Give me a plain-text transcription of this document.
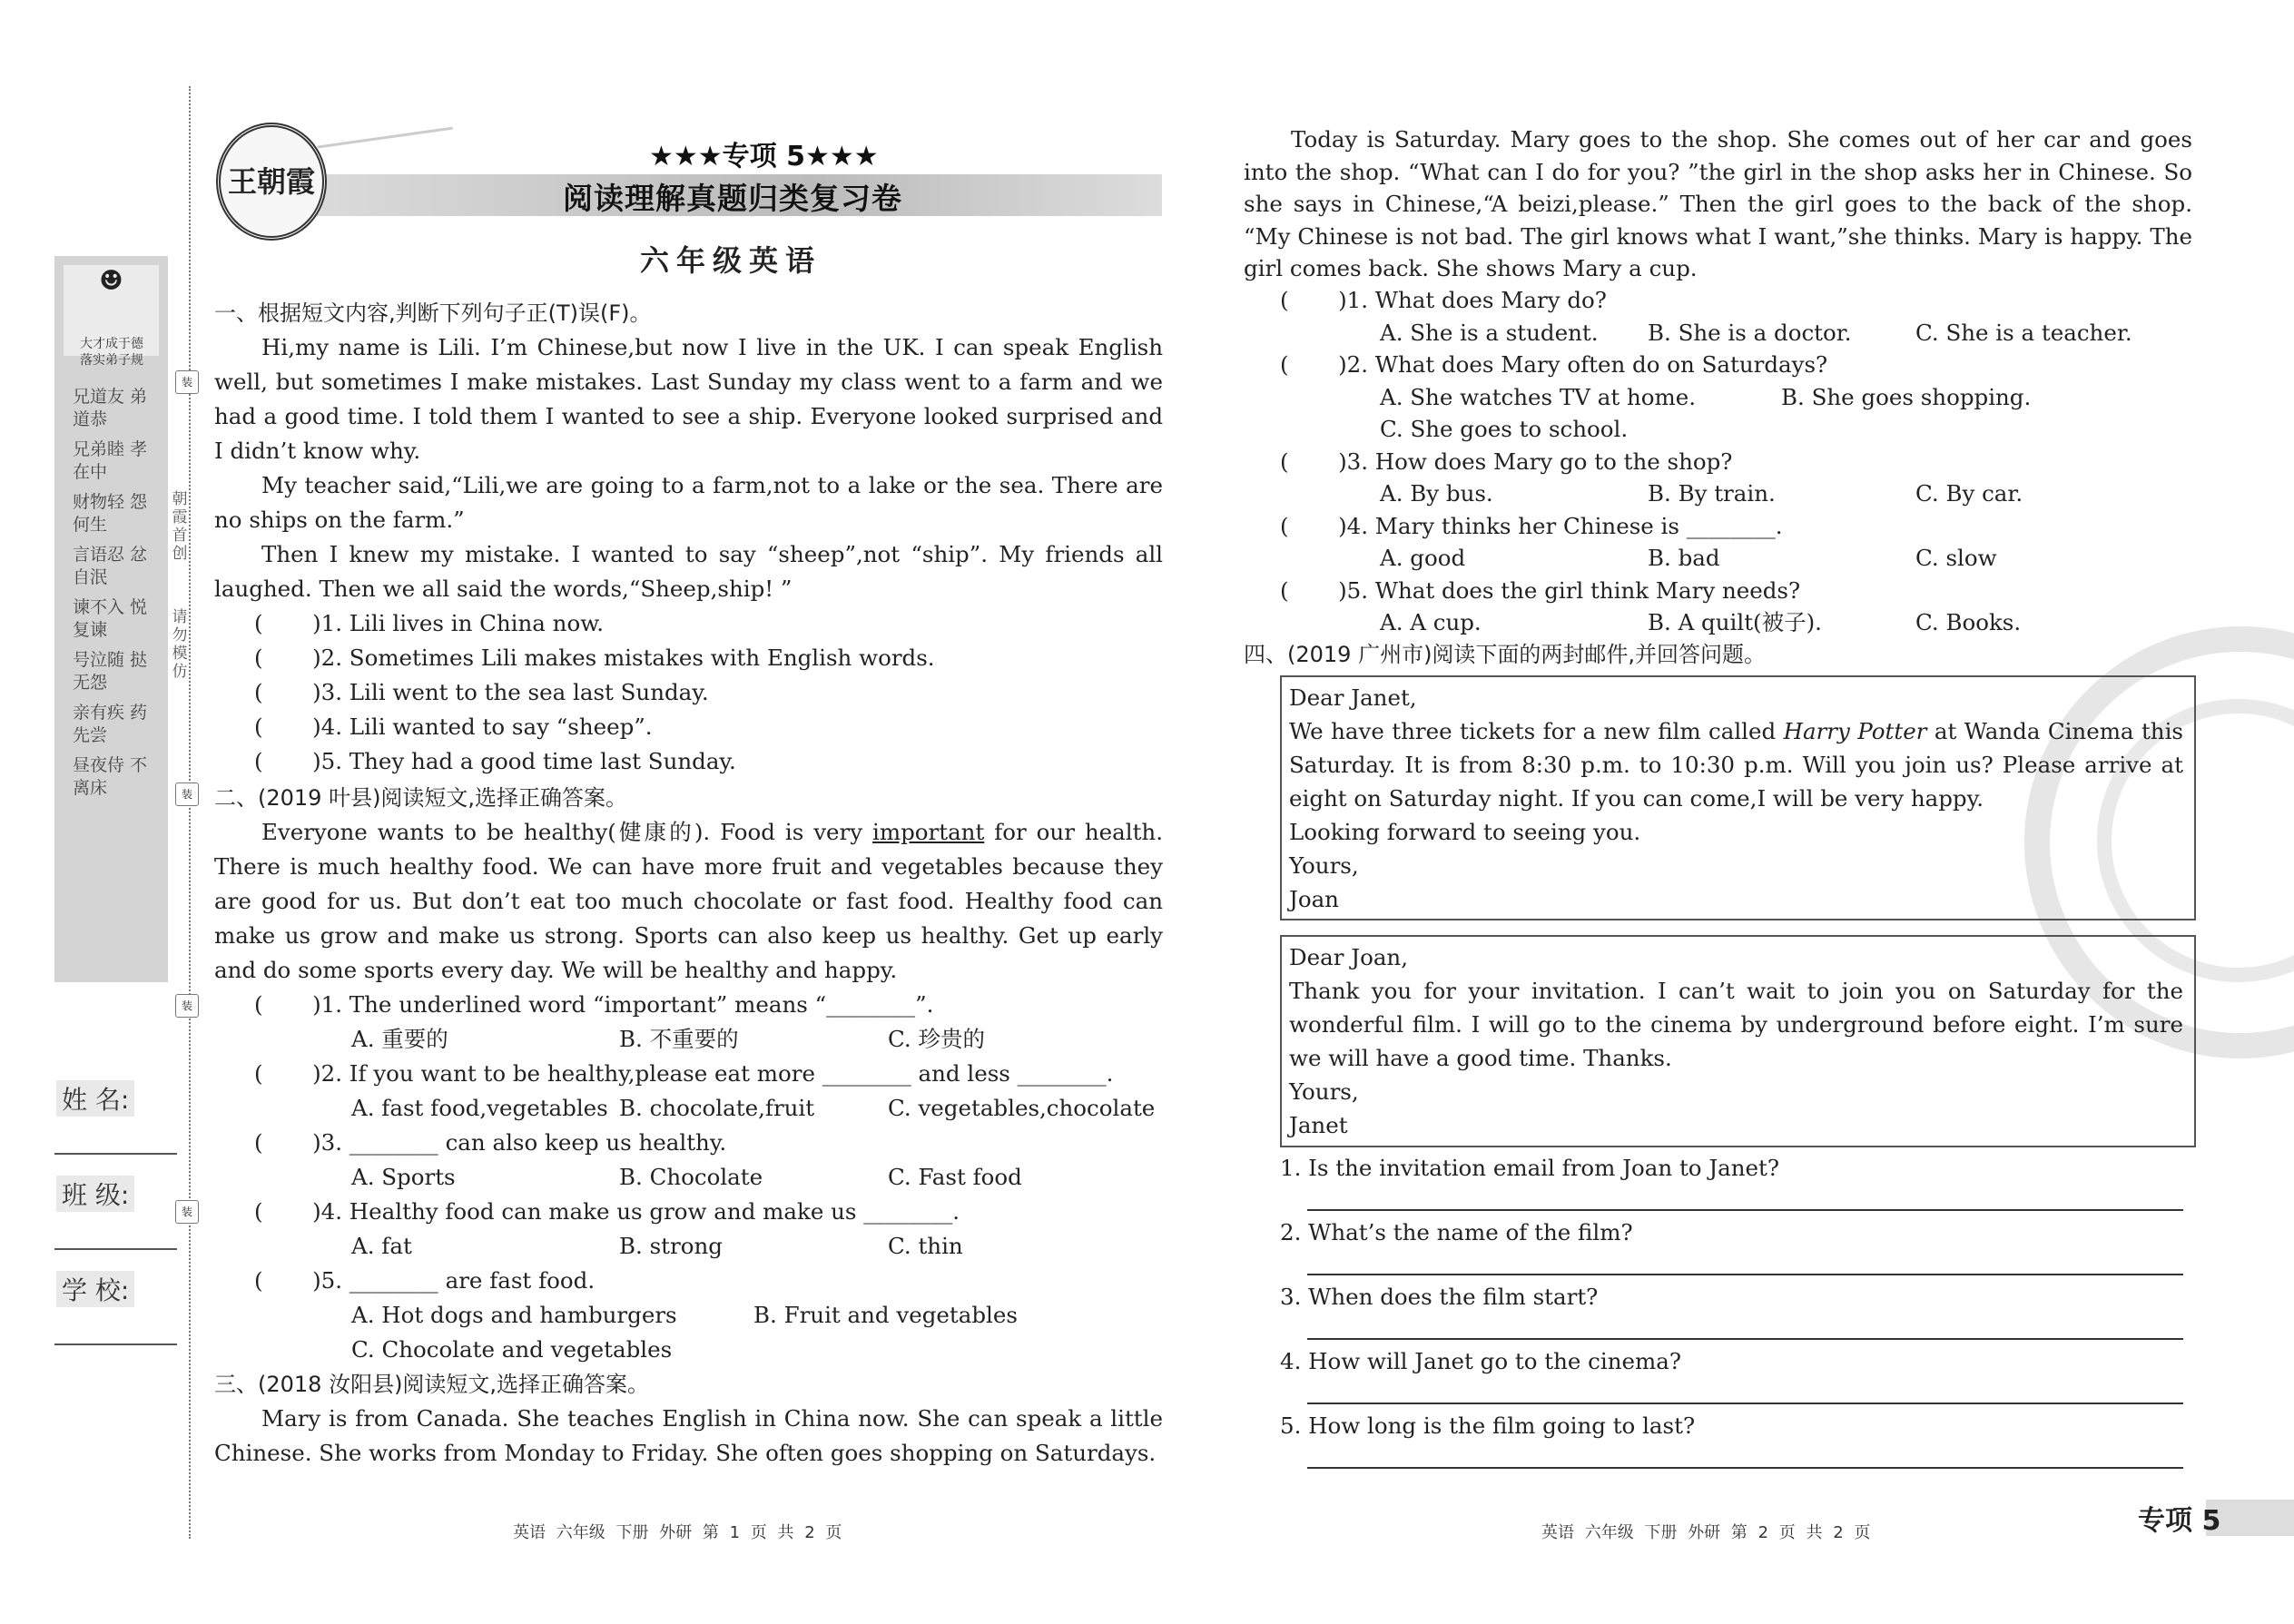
☻
大才成于德
落实弟子规
兄道友 弟道恭
兄弟睦 孝在中
财物轻 怨何生
言语忍 忿自泯
谏不入 悦复谏
号泣随 挞无怨
亲有疾 药先尝
昼夜侍 不离床
朝霞首创
请勿模仿
装
装
装
装
姓 名:
班 级:
学 校:
王朝霞
★★★专项 5★★★
阅读理解真题归类复习卷
六年级英语
一、根据短文内容,判断下列句子正(T)误(F)。
Hi,my name is Lili. I’m Chinese,but now I live in the UK. I can speak English well, but sometimes I make mistakes. Last Sunday my class went to a farm and we had a good time. I told them I wanted to see a ship. Everyone looked surprised and I didn’t know why.
My teacher said,“Lili,we are going to a farm,not to a lake or the sea. There are no ships on the farm.”
Then I knew my mistake. I wanted to say “sheep”,not “ship”. My friends all laughed. Then we all said the words,“Sheep,ship! ”
(       )1. Lili lives in China now.
(       )2. Sometimes Lili makes mistakes with English words.
(       )3. Lili went to the sea last Sunday.
(       )4. Lili wanted to say “sheep”.
(       )5. They had a good time last Sunday.
二、(2019 叶县)阅读短文,选择正确答案。
Everyone wants to be healthy(健康的). Food is very important for our health. There is much healthy food. We can have more fruit and vegetables because they are good for us. But don’t eat too much chocolate or fast food. Healthy food can make us grow and make us strong. Sports can also keep us healthy. Get up early and do some sports every day. We will be healthy and happy.
(       )1. The underlined word “important” means “________”.
A. 重要的	B. 不重要的	C. 珍贵的
(       )2. If you want to be healthy,please eat more ________ and less ________.
A. fast food,vegetables B. chocolate,fruit	C. vegetables,chocolate
(       )3. ________ can also keep us healthy.
A. Sports	B. Chocolate	C. Fast food
(       )4. Healthy food can make us grow and make us ________.
A. fat	B. strong	C. thin
(       )5. ________ are fast food.
A. Hot dogs and hamburgers	B. Fruit and vegetables
C. Chocolate and vegetables
三、(2018 汝阳县)阅读短文,选择正确答案。
Mary is from Canada. She teaches English in China now. She can speak a little Chinese. She works from Monday to Friday. She often goes shopping on Saturdays.
英语 六年级 下册 外研 第 1 页 共 2 页
Today is Saturday. Mary goes to the shop. She comes out of her car and goes into the shop. “What can I do for you? ”the girl in the shop asks her in Chinese. So she says in Chinese,“A beizi,please.” Then the girl goes to the back of the shop. “My Chinese is not bad. The girl knows what I want,”she thinks. Mary is happy. The girl comes back. She shows Mary a cup.
(       )1. What does Mary do?
A. She is a student. B. She is a doctor.	C. She is a teacher.
(       )2. What does Mary often do on Saturdays?
A. She watches TV at home.	B. She goes shopping.
C. She goes to school.
(       )3. How does Mary go to the shop?
A. By bus.	B. By train.	C. By car.
(       )4. Mary thinks her Chinese is ________.
A. good	B. bad	C. slow
(       )5. What does the girl think Mary needs?
A. A cup.	B. A quilt(被子).	C. Books.
四、(2019 广州市)阅读下面的两封邮件,并回答问题。
Dear Janet,
We have three tickets for a new film called Harry Potter at Wanda Cinema this Saturday. It is from 8:30 p.m. to 10:30 p.m. Will you join us? Please arrive at eight on Saturday night. If you can come,I will be very happy.
Looking forward to seeing you.
Yours,
Joan
Dear Joan,
Thank you for your invitation. I can’t wait to join you on Saturday for the wonderful film. I will go to the cinema by underground before eight. I’m sure we will have a good time. Thanks.
Yours,
Janet
1. Is the invitation email from Joan to Janet?
2. What’s the name of the film?
3. When does the film start?
4. How will Janet go to the cinema?
5. How long is the film going to last?
英语 六年级 下册 外研 第 2 页 共 2 页	专项 5
